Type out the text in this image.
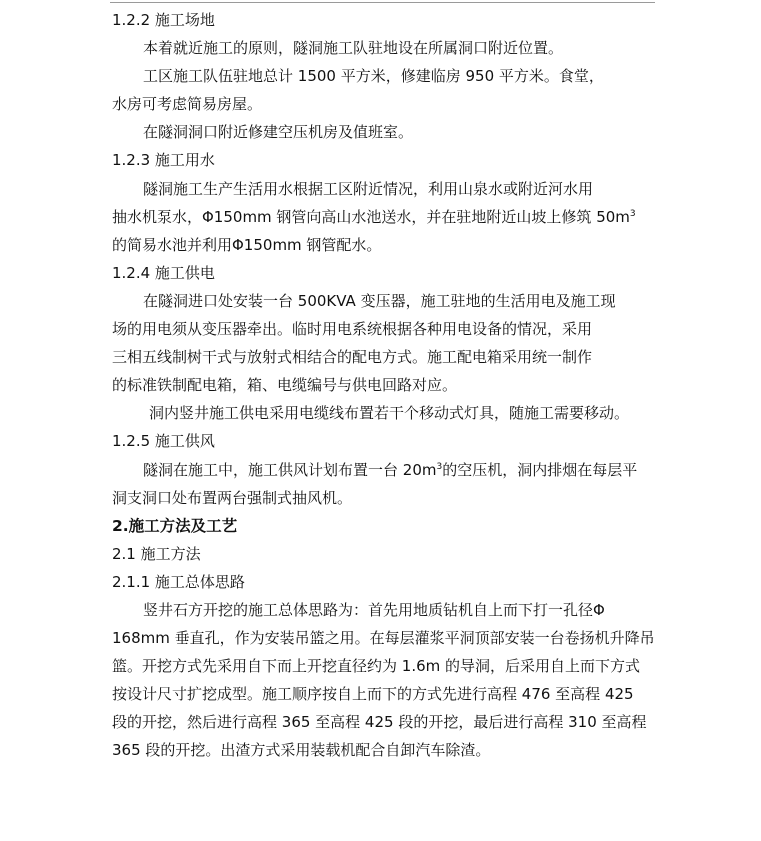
1.2.2 施工场地
本着就近施工的原则，隧洞施工队驻地设在所属洞口附近位置。
工区施工队伍驻地总计 1500 平方米，修建临房 950 平方米。食堂，
水房可考虑简易房屋。
在隧洞洞口附近修建空压机房及值班室。
1.2.3 施工用水
隧洞施工生产生活用水根据工区附近情况，利用山泉水或附近河水用
抽水机泵水，Φ150mm 钢管向高山水池送水，并在驻地附近山坡上修筑 $50m^3$
的简易水池并利用Φ150mm 钢管配水。
1.2.4 施工供电
在隧洞进口处安装一台 500KVA 变压器，施工驻地的生活用电及施工现
场的用电须从变压器牵出。临时用电系统根据各种用电设备的情况，采用
三相五线制树干式与放射式相结合的配电方式。施工配电箱采用统一制作
的标准铁制配电箱，箱、电缆编号与供电回路对应。
洞内竖井施工供电采用电缆线布置若干个移动式灯具，随施工需要移动。
1.2.5 施工供风
隧洞在施工中，施工供风计划布置一台 $20m^3$的空压机，洞内排烟在每层平
洞支洞口处布置两台强制式抽风机。
2.施工方法及工艺
2.1 施工方法
2.1.1 施工总体思路
竖井石方开挖的施工总体思路为：首先用地质钻机自上而下打一孔径Φ
168mm 垂直孔，作为安装吊篮之用。在每层灌浆平洞顶部安装一台卷扬机升降吊
篮。开挖方式先采用自下而上开挖直径约为 1.6m 的导洞，后采用自上而下方式
按设计尺寸扩挖成型。施工顺序按自上而下的方式先进行高程 476 至高程 425
段的开挖，然后进行高程 365 至高程 425 段的开挖，最后进行高程 310 至高程
365 段的开挖。出渣方式采用装载机配合自卸汽车除渣。
